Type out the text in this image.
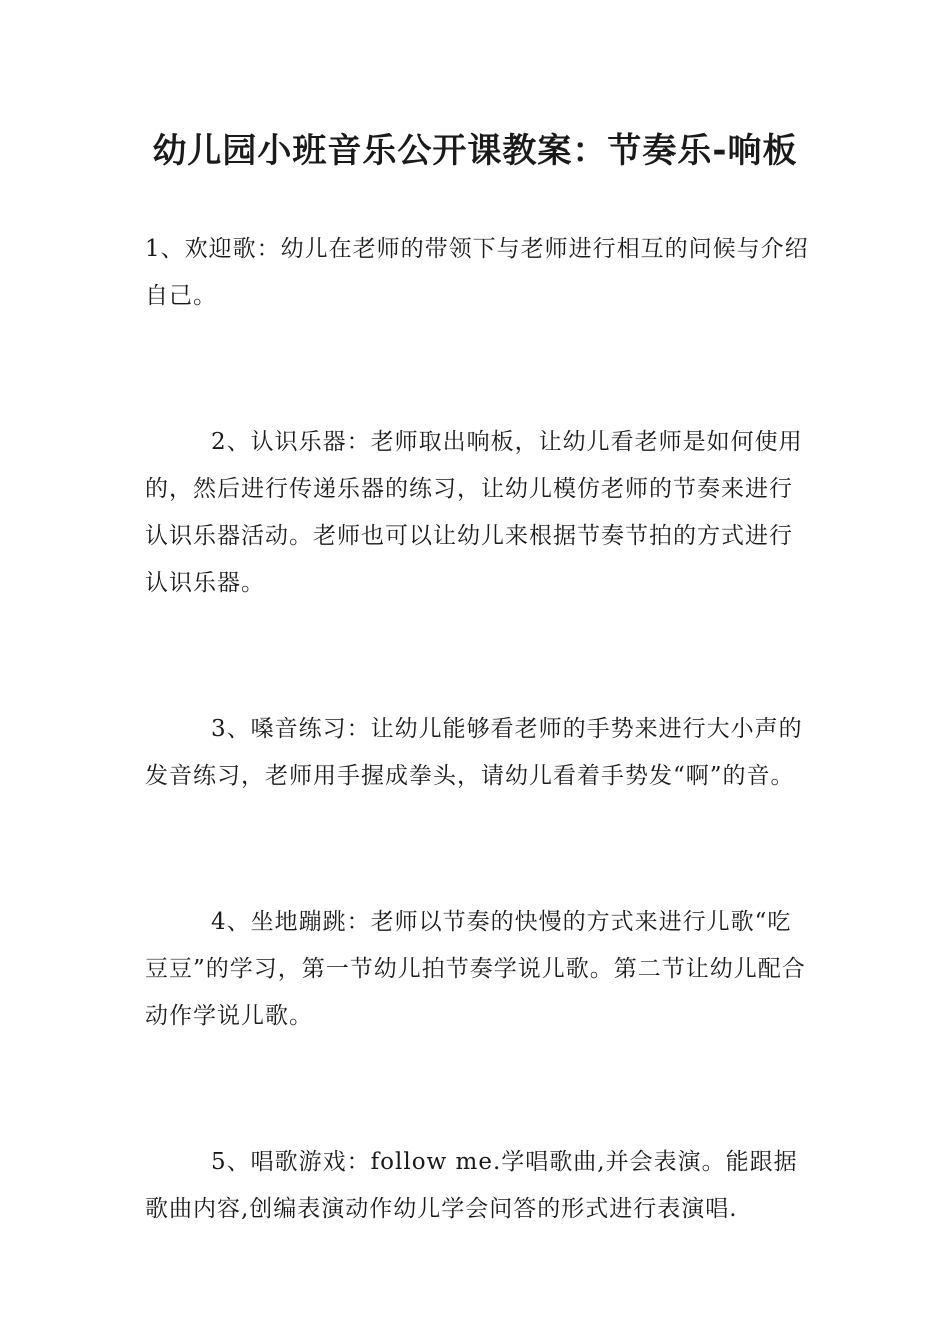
幼儿园小班音乐公开课教案：节奏乐-响板

1、欢迎歌：幼儿在老师的带领下与老师进行相互的问候与介绍自己。

2、认识乐器：老师取出响板，让幼儿看老师是如何使用的，然后进行传递乐器的练习，让幼儿模仿老师的节奏来进行认识乐器活动。老师也可以让幼儿来根据节奏节拍的方式进行认识乐器。

3、嗓音练习：让幼儿能够看老师的手势来进行大小声的发音练习，老师用手握成拳头，请幼儿看着手势发“啊”的音。

4、坐地蹦跳：老师以节奏的快慢的方式来进行儿歌“吃豆豆”的学习，第一节幼儿拍节奏学说儿歌。第二节让幼儿配合动作学说儿歌。

5、唱歌游戏：follow me.学唱歌曲,并会表演。能跟据歌曲内容,创编表演动作幼儿学会问答的形式进行表演唱.
